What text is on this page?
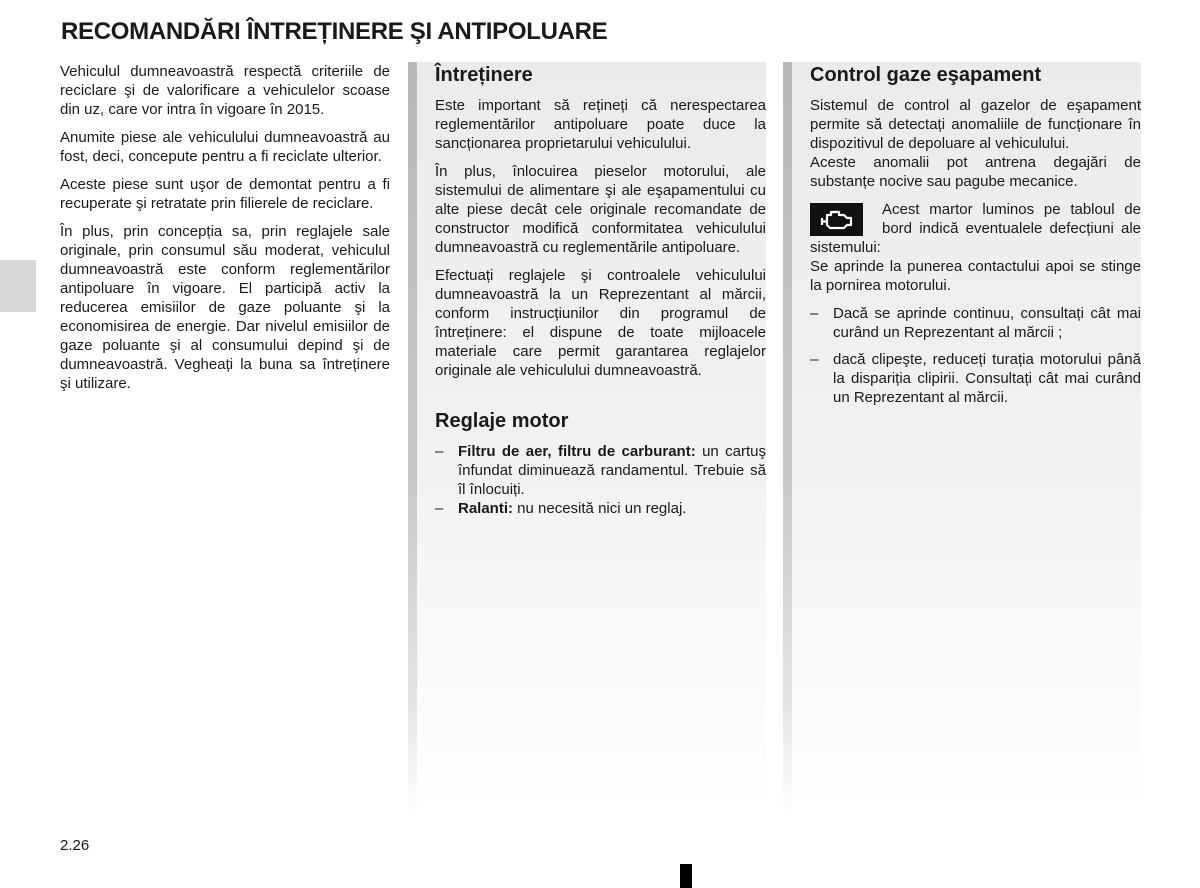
RECOMANDĂRI ÎNTREȚINERE ŞI ANTIPOLUARE

Vehiculul dumneavoastră respectă criteriile de reciclare şi de valorificare a vehiculelor scoase din uz, care vor intra în vigoare în 2015.

Anumite piese ale vehiculului dumneavoastră au fost, deci, concepute pentru a fi reciclate ulterior.

Aceste piese sunt uşor de demontat pentru a fi recuperate şi retratate prin filierele de reciclare.

În plus, prin concepția sa, prin reglajele sale originale, prin consumul său moderat, vehiculul dumneavoastră este conform reglementărilor antipoluare în vigoare. El participă activ la reducerea emisiilor de gaze poluante şi la economisirea de energie. Dar nivelul emisiilor de gaze poluante şi al consumului depind şi de dumneavoastră. Vegheați la buna sa întreținere şi utilizare.

Întreținere

Este important să rețineți că nerespectarea reglementărilor antipoluare poate duce la sancționarea proprietarului vehiculului.

În plus, înlocuirea pieselor motorului, ale sistemului de alimentare şi ale eşapamentului cu alte piese decât cele originale recomandate de constructor modifică conformitatea vehiculului dumneavoastră cu reglementările antipoluare.

Efectuați reglajele şi controalele vehiculului dumneavoastră la un Reprezentant al mărcii, conform instrucțiunilor din programul de întreținere: el dispune de toate mijloacele materiale care permit garantarea reglajelor originale ale vehiculului dumneavoastră.

Reglaje motor
– Filtru de aer, filtru de carburant: un cartuş înfundat diminuează randamentul. Trebuie să îl înlocuiți.
– Ralanti: nu necesită nici un reglaj.
Control gaze eşapament

Sistemul de control al gazelor de eşapament permite să detectați anomaliile de funcționare în dispozitivul de depoluare al vehiculului.

Aceste anomalii pot antrena degajări de substanțe nocive sau pagube mecanice.

Acest martor luminos pe tabloul de bord indică eventualele defecțiuni ale sistemului:

Se aprinde la punerea contactului apoi se stinge la pornirea motorului.

– Dacă se aprinde continuu, consultați cât mai curând un Reprezentant al mărcii ;
– dacă clipeşte, reduceți turația motorului până la dispariția clipirii. Consultați cât mai curând un Reprezentant al mărcii.
2.26
